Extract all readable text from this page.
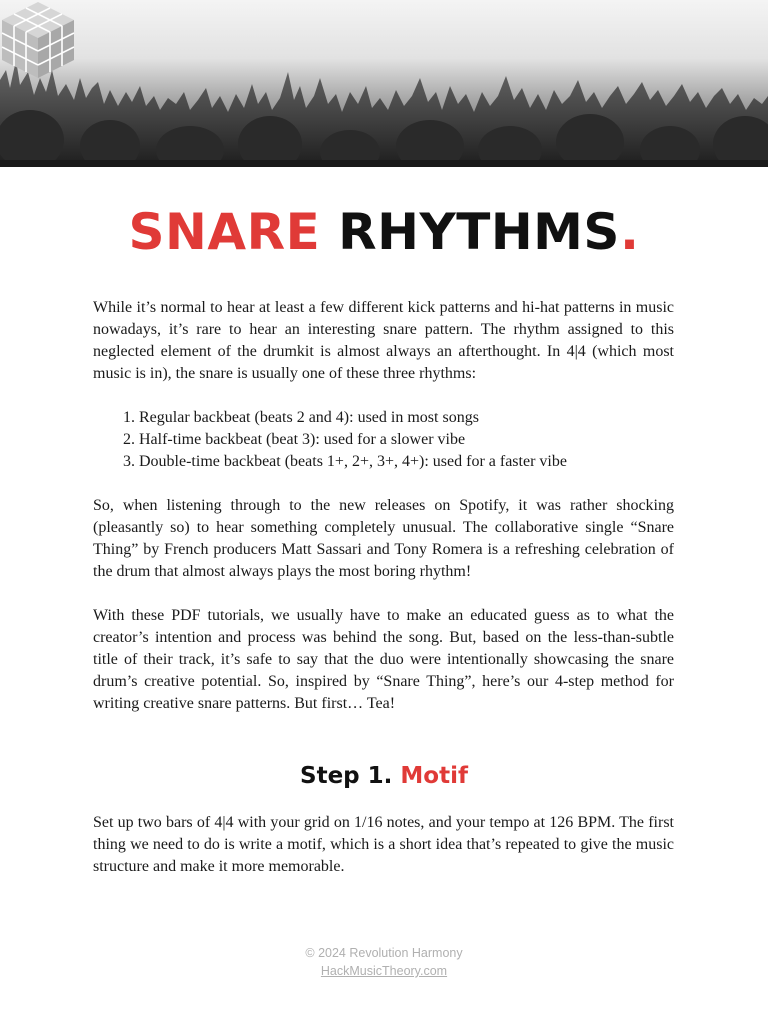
SNARE RHYTHMS.

While it’s normal to hear at least a few different kick patterns and hi-hat patterns in music nowadays, it’s rare to hear an interesting snare pattern. The rhythm assigned to this neglected element of the drumkit is almost always an afterthought. In 4|4 (which most music is in), the snare is usually one of these three rhythms:

1. Regular backbeat (beats 2 and 4): used in most songs
2. Half-time backbeat (beat 3): used for a slower vibe
3. Double-time backbeat (beats 1+, 2+, 3+, 4+): used for a faster vibe

So, when listening through to the new releases on Spotify, it was rather shocking (pleasantly so) to hear something completely unusual. The collaborative single “Snare Thing” by French producers Matt Sassari and Tony Romera is a refreshing celebration of the drum that almost always plays the most boring rhythm!

With these PDF tutorials, we usually have to make an educated guess as to what the creator’s intention and process was behind the song. But, based on the less-than-subtle title of their track, it’s safe to say that the duo were intentionally showcasing the snare drum’s creative potential. So, inspired by “Snare Thing”, here’s our 4-step method for writing creative snare patterns. But first… Tea!

Step 1. Motif

Set up two bars of 4|4 with your grid on 1/16 notes, and your tempo at 126 BPM. The first thing we need to do is write a motif, which is a short idea that’s repeated to give the music structure and make it more memorable.

© 2024 Revolution Harmony
HackMusicTheory.com
